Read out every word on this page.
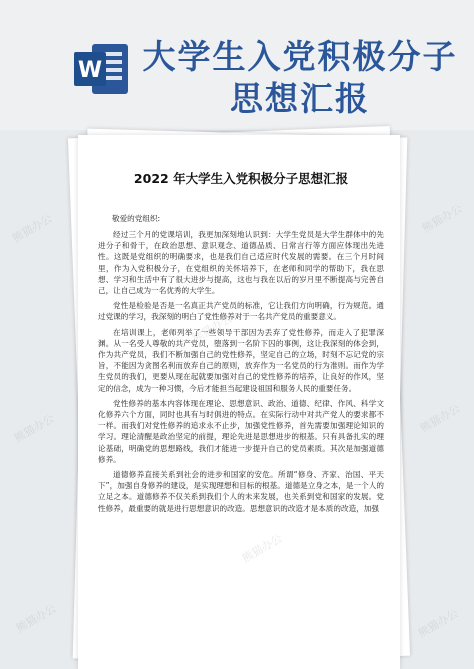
W 大学生入党积极分子
思想汇报
2022 年大学生入党积极分子思想汇报
敬爱的党组织:

经过三个月的党课培训，我更加深刻地认识到：大学生党员是大学生群体中的先进分子和骨干，在政治思想、意识观念、道德品质、日常言行等方面应体现出先进性。这既是党组织的明确要求，也是我们自己适应时代发展的需要。在三个月时间里，作为入党积极分子，在党组织的关怀培养下，在老师和同学的帮助下，我在思想、学习和生活中有了很大进步与提高，这也与我在以后的岁月里不断提高与完善自己，让自己成为一名优秀的大学生。

党性是检验是否是一名真正共产党员的标准，它让我们方向明确，行为规范。通过党课的学习，我深刻的明白了党性修养对于一名共产党员的重要意义。

在培训课上，老师列举了一些领导干部因为丢弃了党性修养，而走入了犯罪深渊。从一名受人尊敬的共产党员，堕落到一名阶下囚的事例，这让我深刻的体会到，作为共产党员，我们不断加强自己的党性修养，坚定自己的立场，时刻不忘记党的宗旨，不能因为贪图名利而放弃自己的原则，放弃作为一名党员的行为准则。而作为学生党员的我们，更要从现在起就要加强对自己的党性修养的培养，让良好的作风，坚定的信念，成为一种习惯，今后才能担当起建设祖国和服务人民的重要任务。

党性修养的基本内容体现在理论、思想意识、政治、道德、纪律、作风、科学文化修养六个方面，同时也具有与时俱进的特点。在实际行动中对共产党人的要求都不一样。而我们对党性修养的追求永不止步，加强党性修养，首先需要加强理论知识的学习。理论清醒是政治坚定的前提，理论先进是思想进步的根基。只有具备扎实的理论基础，明确党的思想路线，我们才能进一步提升自己的党员素质。其次是加强道德修养。

道德修养直接关系到社会的进步和国家的安危。所谓“修身、齐家、治国、平天下”，加强自身修养的建设，是实现理想和目标的根基。道德是立身之本，是一个人的立足之本。道德修养不仅关系到我们个人的未来发展，也关系到党和国家的发展。党性修养，最重要的就是进行思想意识的改造。思想意识的改造才是本质的改造，加强

熊猫办公	熊猫办公
熊猫办公	熊猫办公
熊猫办公	熊猫办公
